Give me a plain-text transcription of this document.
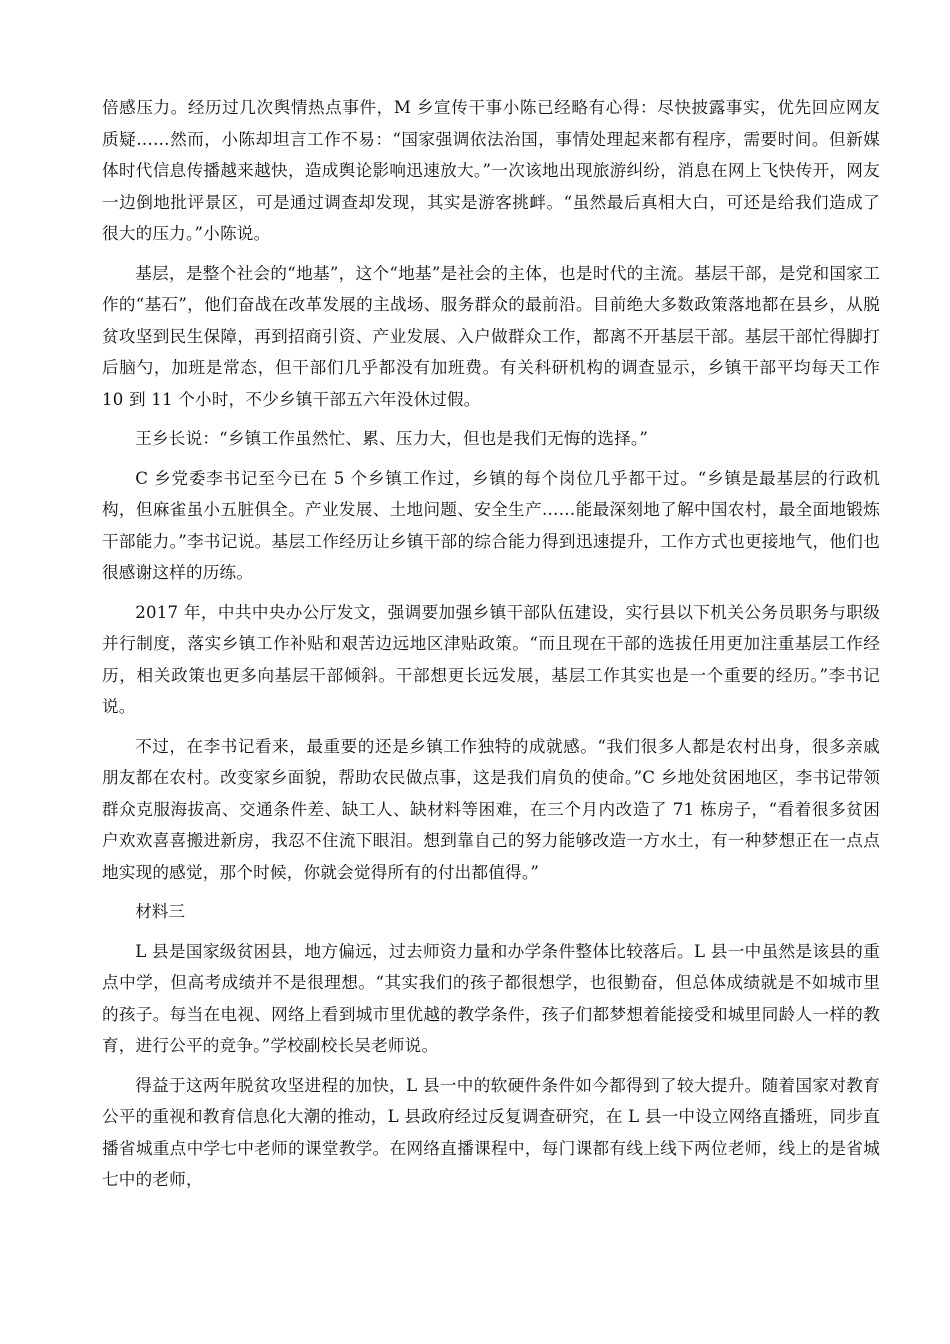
倍感压力。经历过几次舆情热点事件，M 乡宣传干事小陈已经略有心得：尽快披露事实，优先回应网友质疑……然而，小陈却坦言工作不易：“国家强调依法治国，事情处理起来都有程序，需要时间。但新媒体时代信息传播越来越快，造成舆论影响迅速放大。”一次该地出现旅游纠纷，消息在网上飞快传开，网友一边倒地批评景区，可是通过调查却发现，其实是游客挑衅。“虽然最后真相大白，可还是给我们造成了很大的压力。”小陈说。

基层，是整个社会的“地基”，这个“地基”是社会的主体，也是时代的主流。基层干部，是党和国家工作的“基石”，他们奋战在改革发展的主战场、服务群众的最前沿。目前绝大多数政策落地都在县乡，从脱贫攻坚到民生保障，再到招商引资、产业发展、入户做群众工作，都离不开基层干部。基层干部忙得脚打后脑勺，加班是常态，但干部们几乎都没有加班费。有关科研机构的调查显示，乡镇干部平均每天工作 10 到 11 个小时，不少乡镇干部五六年没休过假。

王乡长说：“乡镇工作虽然忙、累、压力大，但也是我们无悔的选择。”

C 乡党委李书记至今已在 5 个乡镇工作过，乡镇的每个岗位几乎都干过。“乡镇是最基层的行政机构，但麻雀虽小五脏俱全。产业发展、土地问题、安全生产……能最深刻地了解中国农村，最全面地锻炼干部能力。”李书记说。基层工作经历让乡镇干部的综合能力得到迅速提升，工作方式也更接地气，他们也很感谢这样的历练。

2017 年，中共中央办公厅发文，强调要加强乡镇干部队伍建设，实行县以下机关公务员职务与职级并行制度，落实乡镇工作补贴和艰苦边远地区津贴政策。“而且现在干部的选拔任用更加注重基层工作经历，相关政策也更多向基层干部倾斜。干部想更长远发展，基层工作其实也是一个重要的经历。”李书记说。

不过，在李书记看来，最重要的还是乡镇工作独特的成就感。“我们很多人都是农村出身，很多亲戚朋友都在农村。改变家乡面貌，帮助农民做点事，这是我们肩负的使命。”C 乡地处贫困地区，李书记带领群众克服海拔高、交通条件差、缺工人、缺材料等困难，在三个月内改造了 71 栋房子，“看着很多贫困户欢欢喜喜搬进新房，我忍不住流下眼泪。想到靠自己的努力能够改造一方水土，有一种梦想正在一点点地实现的感觉，那个时候，你就会觉得所有的付出都值得。”

材料三

L 县是国家级贫困县，地方偏远，过去师资力量和办学条件整体比较落后。L 县一中虽然是该县的重点中学，但高考成绩并不是很理想。“其实我们的孩子都很想学，也很勤奋，但总体成绩就是不如城市里的孩子。每当在电视、网络上看到城市里优越的教学条件，孩子们都梦想着能接受和城里同龄人一样的教育，进行公平的竞争。”学校副校长吴老师说。

得益于这两年脱贫攻坚进程的加快，L 县一中的软硬件条件如今都得到了较大提升。随着国家对教育公平的重视和教育信息化大潮的推动，L 县政府经过反复调查研究，在 L 县一中设立网络直播班，同步直播省城重点中学七中老师的课堂教学。在网络直播课程中，每门课都有线上线下两位老师，线上的是省城七中的老师，
